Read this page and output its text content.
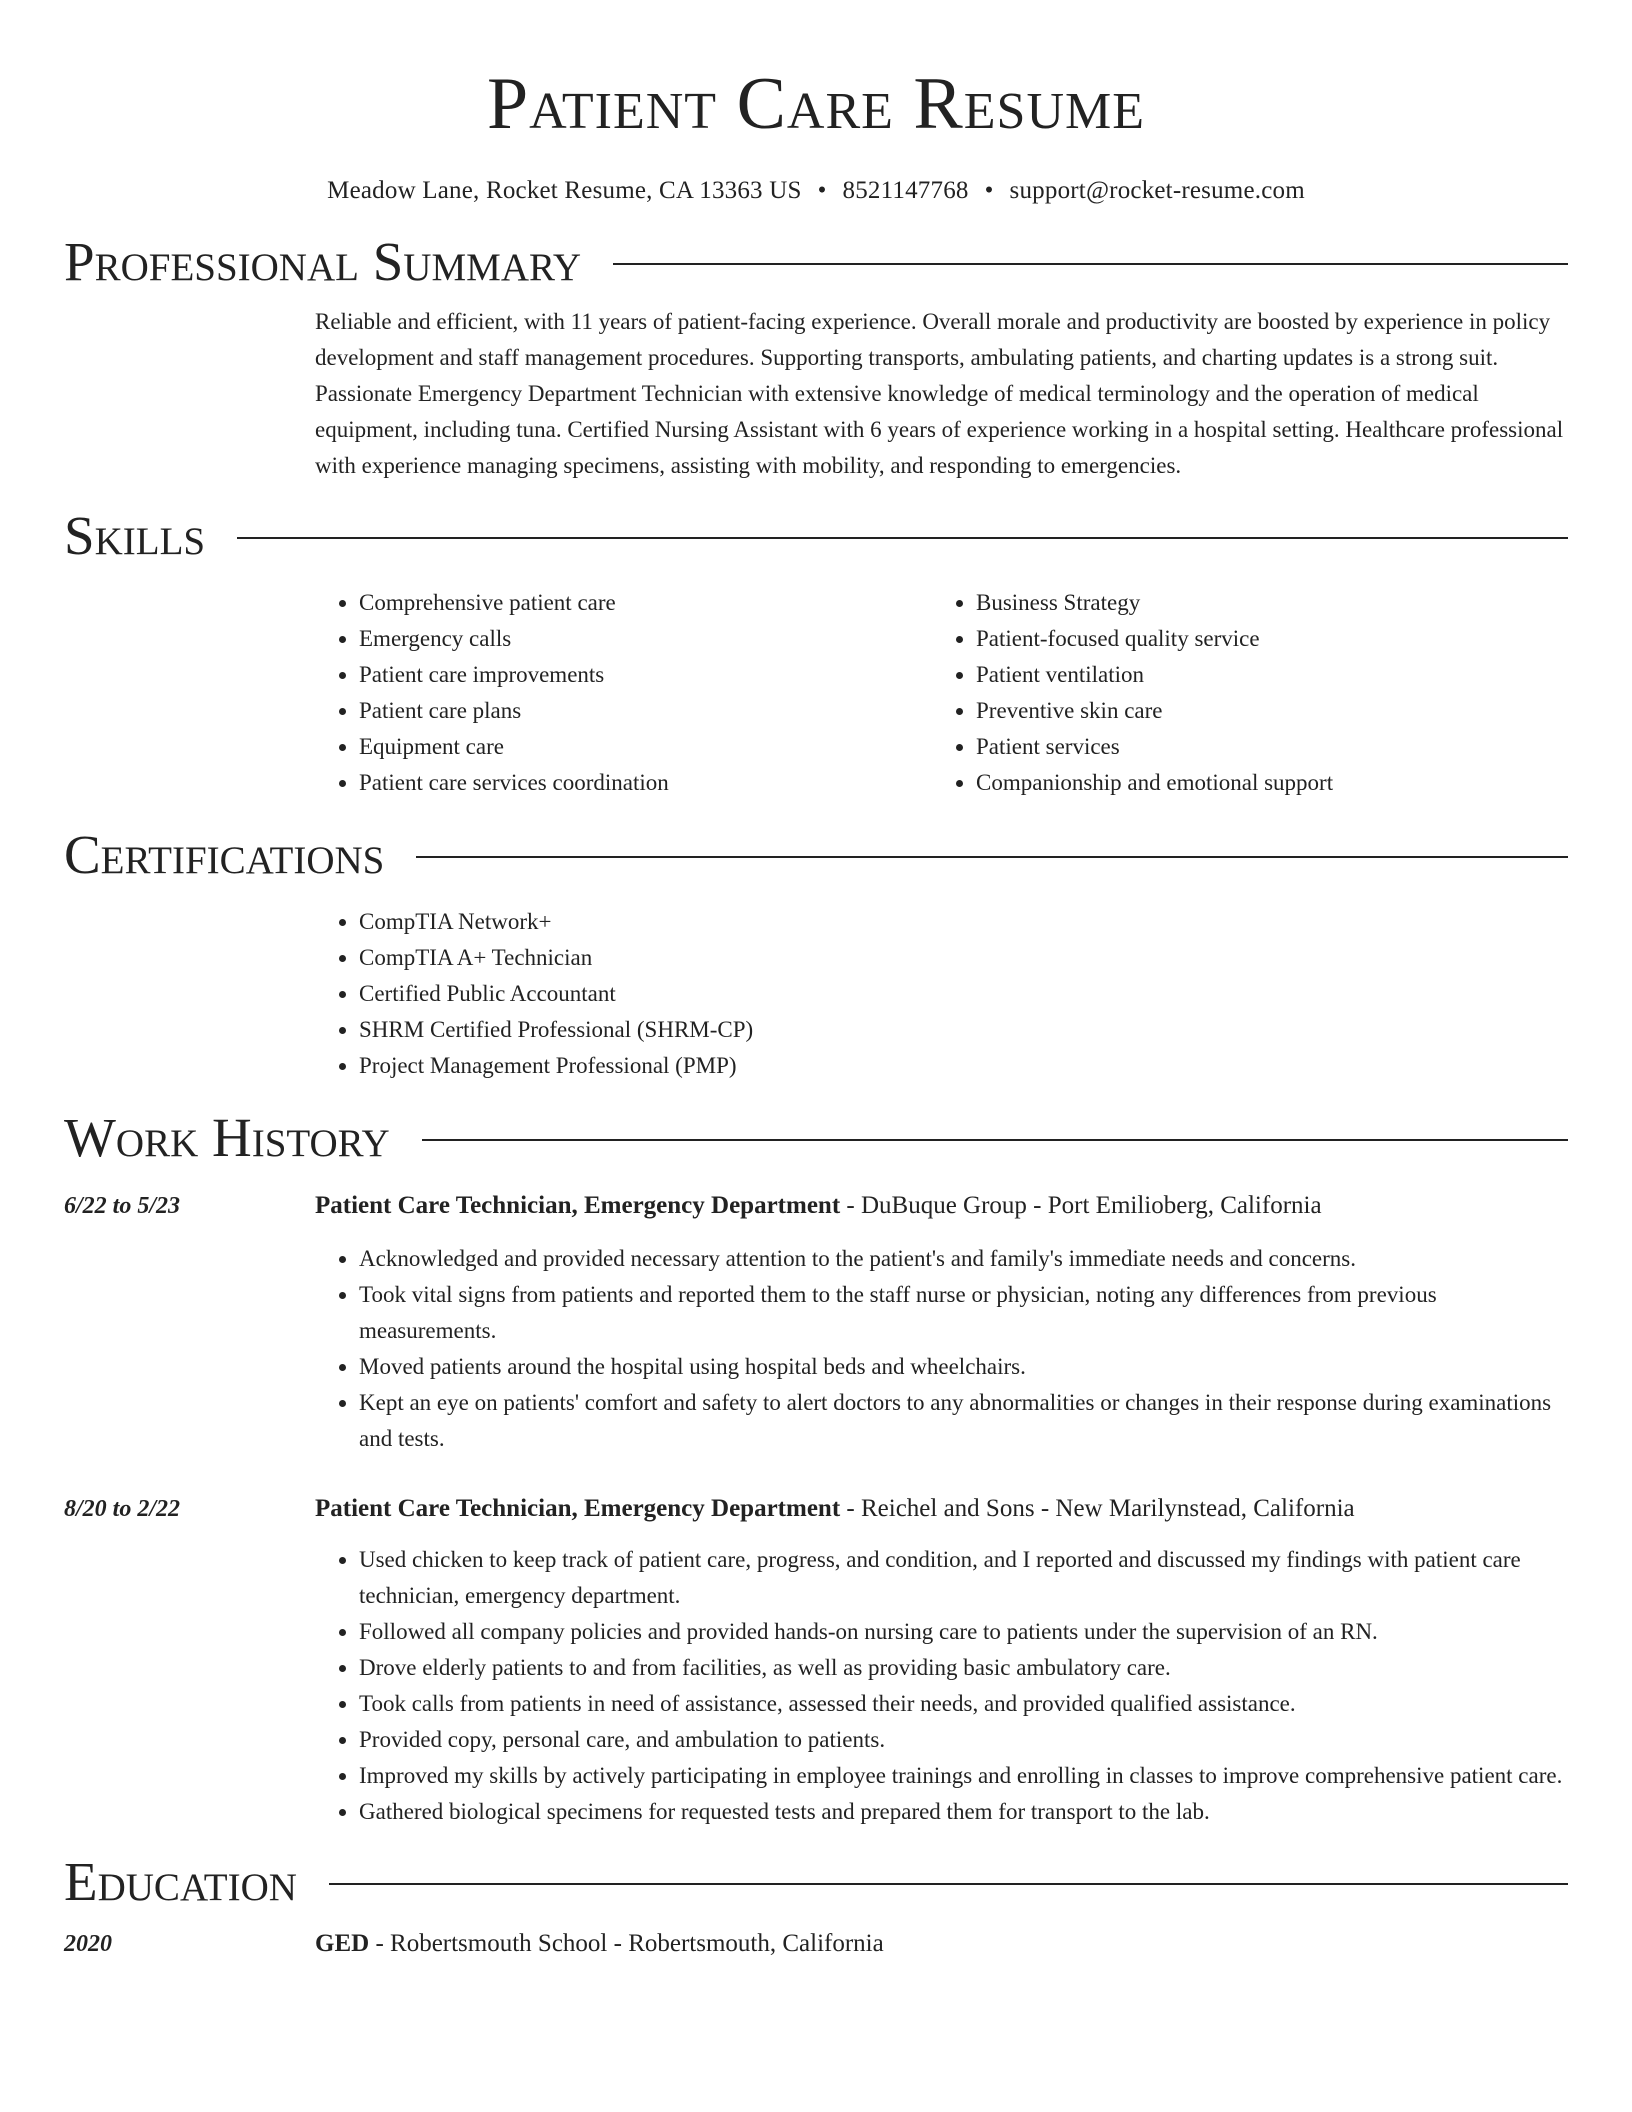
Patient Care Resume
Meadow Lane, Rocket Resume, CA 13363 US • 8521147768 • support@rocket-resume.com
Professional Summary

Reliable and efficient, with 11 years of patient-facing experience. Overall morale and productivity are boosted by experience in policy development and staff management procedures. Supporting transports, ambulating patients, and charting updates is a strong suit. Passionate Emergency Department Technician with extensive knowledge of medical terminology and the operation of medical equipment, including tuna. Certified Nursing Assistant with 6 years of experience working in a hospital setting. Healthcare professional with experience managing specimens, assisting with mobility, and responding to emergencies.

Skills
• Comprehensive patient care
• Emergency calls
• Patient care improvements
• Patient care plans
• Equipment care
• Patient care services coordination
• Business Strategy
• Patient-focused quality service
• Patient ventilation
• Preventive skin care
• Patient services
• Companionship and emotional support
Certifications
• CompTIA Network+
• CompTIA A+ Technician
• Certified Public Accountant
• SHRM Certified Professional (SHRM-CP)
• Project Management Professional (PMP)
Work History
6/22 to 5/23	Patient Care Technician, Emergency Department - DuBuque Group - Port Emilioberg, California
• Acknowledged and provided necessary attention to the patient's and family's immediate needs and concerns.
• Took vital signs from patients and reported them to the staff nurse or physician, noting any differences from previous measurements.
• Moved patients around the hospital using hospital beds and wheelchairs.
• Kept an eye on patients' comfort and safety to alert doctors to any abnormalities or changes in their response during examinations and tests.
8/20 to 2/22	Patient Care Technician, Emergency Department - Reichel and Sons - New Marilynstead, California
• Used chicken to keep track of patient care, progress, and condition, and I reported and discussed my findings with patient care technician, emergency department.
• Followed all company policies and provided hands-on nursing care to patients under the supervision of an RN.
• Drove elderly patients to and from facilities, as well as providing basic ambulatory care.
• Took calls from patients in need of assistance, assessed their needs, and provided qualified assistance.
• Provided copy, personal care, and ambulation to patients.
• Improved my skills by actively participating in employee trainings and enrolling in classes to improve comprehensive patient care.
• Gathered biological specimens for requested tests and prepared them for transport to the lab.
Education
2020	GED - Robertsmouth School - Robertsmouth, California
